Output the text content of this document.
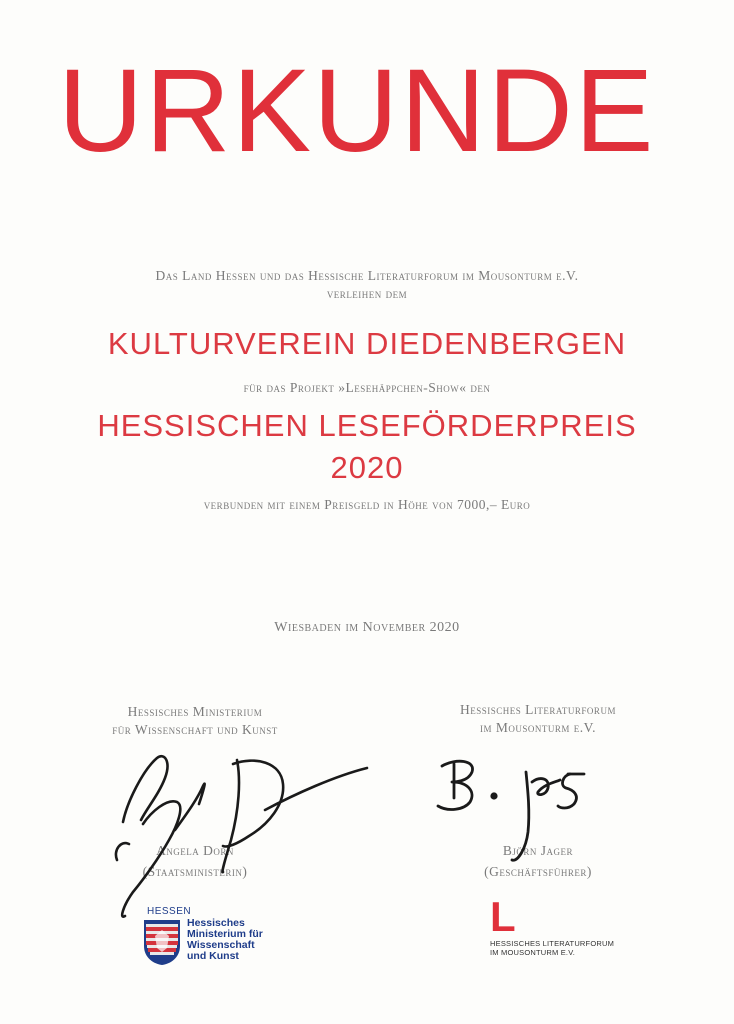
URKUNDE
Das Land Hessen und das Hessische Literaturforum im Mousonturm e.V.
verleihen dem
KULTURVEREIN DIEDENBERGEN
für das Projekt »Lesehäppchen-Show« den
HESSISCHEN LESEFÖRDERPREIS
2020
verbunden mit einem Preisgeld in Höhe von 7000,– Euro
Wiesbaden im November 2020
Hessisches Ministerium
für Wissenschaft und Kunst
Angela Dorn
(Staatsministerin)
Hessisches Literaturforum
im Mousonturm e.V.
Björn Jager
(Geschäftsführer)
HESSEN
Hessisches
Ministerium für
Wissenschaft
und Kunst
L
HESSISCHES LITERATURFORUM
IM MOUSONTURM E.V.
